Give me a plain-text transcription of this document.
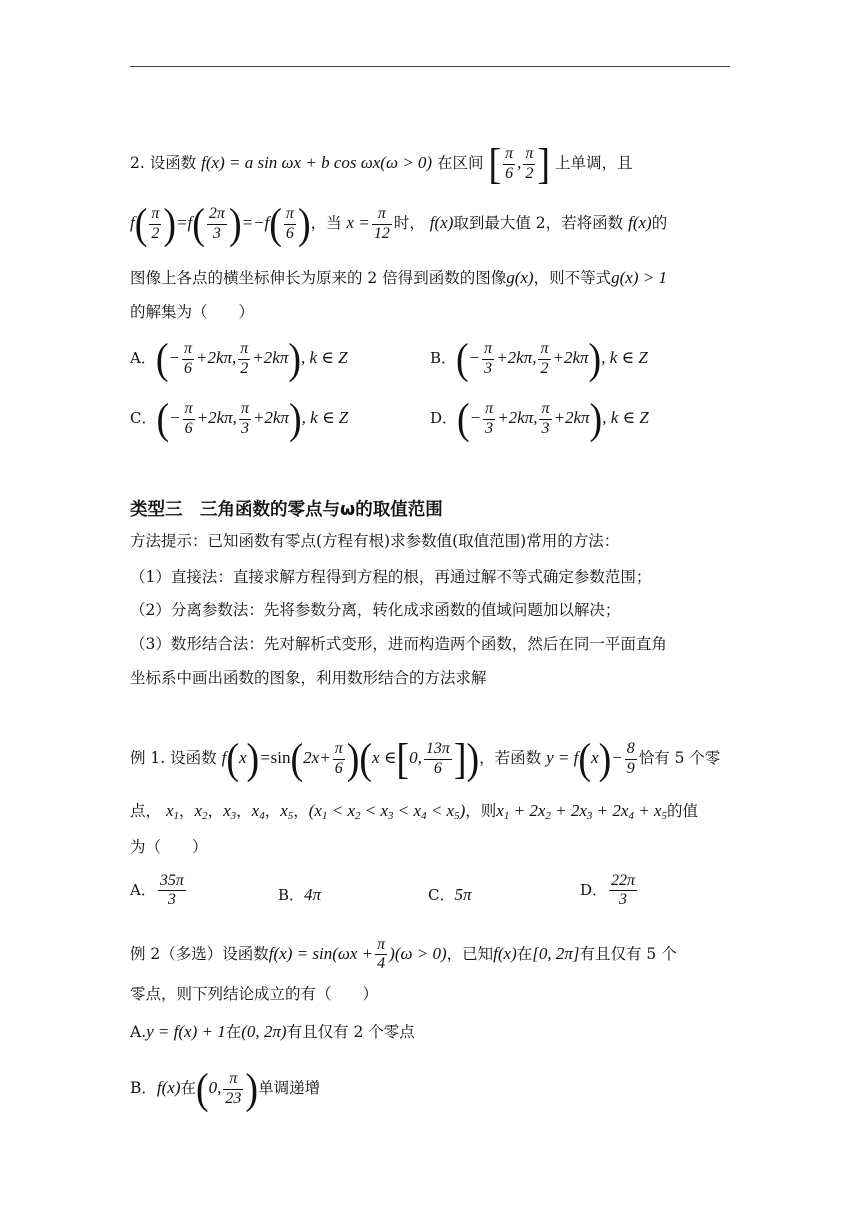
2. 设函数 f(x) = a sin ωx + b cos ωx(ω > 0) 在区间 [ $\frac{\pi}{6}$ , $\frac{\pi}{2}$ ] 上单调，且
$f( \frac{\pi}{2} )=f( \frac{2\pi}{3} )=-f( \frac{\pi}{6}$ )，当 $x = \frac{\pi}{12}$ 时， f(x)取到最大值 2，若将函数 f(x)的
图像上各点的横坐标伸长为原来的 2 倍得到函数的图像g(x)，则不等式g(x) > 1
的解集为（　　）
A．(− $\frac{\pi}{6} +2k\pi$, $\frac{\pi}{2} +2k\pi$), k ∈ Z	B．(− $\frac{\pi}{3} +2k\pi$, $\frac{\pi}{2} +2k\pi$), k ∈ Z
C．(− $\frac{\pi}{6} +2k\pi$, $\frac{\pi}{3} +2k\pi$), k ∈ Z	D．(− $\frac{\pi}{3} +2k\pi$, $\frac{\pi}{3} +2k\pi$), k ∈ Z
类型三　三角函数的零点与ω的取值范围
方法提示：已知函数有零点(方程有根)求参数值(取值范围)常用的方法：
（1）直接法：直接求解方程得到方程的根，再通过解不等式确定参数范围；
（2）分离参数法：先将参数分离，转化成求函数的值域问题加以解决；
（3）数形结合法：先对解析式变形，进而构造两个函数，然后在同一平面直角
坐标系中画出函数的图象，利用数形结合的方法求解
例 1. 设函数 $f(x)=\sin(2x+ \frac{\pi}{6} )(x$ ∈[0, $\frac{13\pi}{6}$ ])，若函数 $y = f(x)- \frac{8}{9}$ 恰有 5 个零
点， $x_1$，$x_2$，$x_3$，$x_4$，$x_5$，$(x_1 < x_2 < x_3 < x_4 < x_5)$，则$x_1 + 2x_2 + 2x_3 + 2x_4 + x_5$的值
为（　　）
A． $\frac{35\pi}{3}$	B．4π	C．5π	D． $\frac{22\pi}{3}$
例 2（多选）设函数$f(x) = \sin(\omega x + \frac{\pi}{4} )(\omega > 0)$，已知f(x)在[0, 2π]有且仅有 5 个
零点，则下列结论成立的有（　　）
A.y = f(x) + 1在(0, 2π)有且仅有 2 个零点
B．f(x)在(0, $\frac{\pi}{23}$ )单调递增
